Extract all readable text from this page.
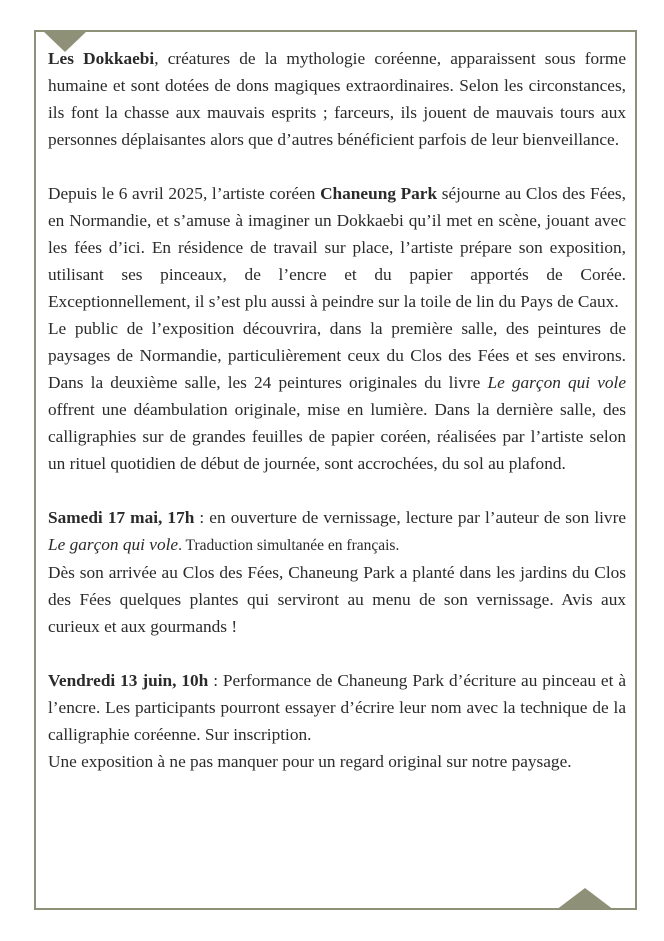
Les Dokkaebi, créatures de la mythologie coréenne, apparaissent sous forme humaine et sont dotées de dons magiques extraordinaires. Selon les circonstances, ils font la chasse aux mauvais esprits ; farceurs, ils jouent de mauvais tours aux personnes déplaisantes alors que d’autres bénéficient parfois de leur bienveillance.

Depuis le 6 avril 2025, l’artiste coréen Chaneung Park séjourne au Clos des Fées, en Normandie, et s’amuse à imaginer un Dokkaebi qu’il met en scène, jouant avec les fées d’ici. En résidence de travail sur place, l’artiste prépare son exposition, utilisant ses pinceaux, de l’encre et du papier apportés de Corée. Exceptionnellement, il s’est plu aussi à peindre sur la toile de lin du Pays de Caux.

Le public de l’exposition découvrira, dans la première salle, des peintures de paysages de Normandie, particulièrement ceux du Clos des Fées et ses environs. Dans la deuxième salle, les 24 peintures originales du livre Le garçon qui vole offrent une déambulation originale, mise en lumière. Dans la dernière salle, des calligraphies sur de grandes feuilles de papier coréen, réalisées par l’artiste selon un rituel quotidien de début de journée, sont accrochées, du sol au plafond.

Samedi 17 mai, 17h : en ouverture de vernissage, lecture par l’auteur de son livre Le garçon qui vole. Traduction simultanée en français.

Dès son arrivée au Clos des Fées, Chaneung Park a planté dans les jardins du Clos des Fées quelques plantes qui serviront au menu de son vernissage. Avis aux curieux et aux gourmands !

Vendredi 13 juin, 10h : Performance de Chaneung Park d’écriture au pinceau et à l’encre. Les participants pourront essayer d’écrire leur nom avec la technique de la calligraphie coréenne. Sur inscription.

Une exposition à ne pas manquer pour un regard original sur notre paysage.
